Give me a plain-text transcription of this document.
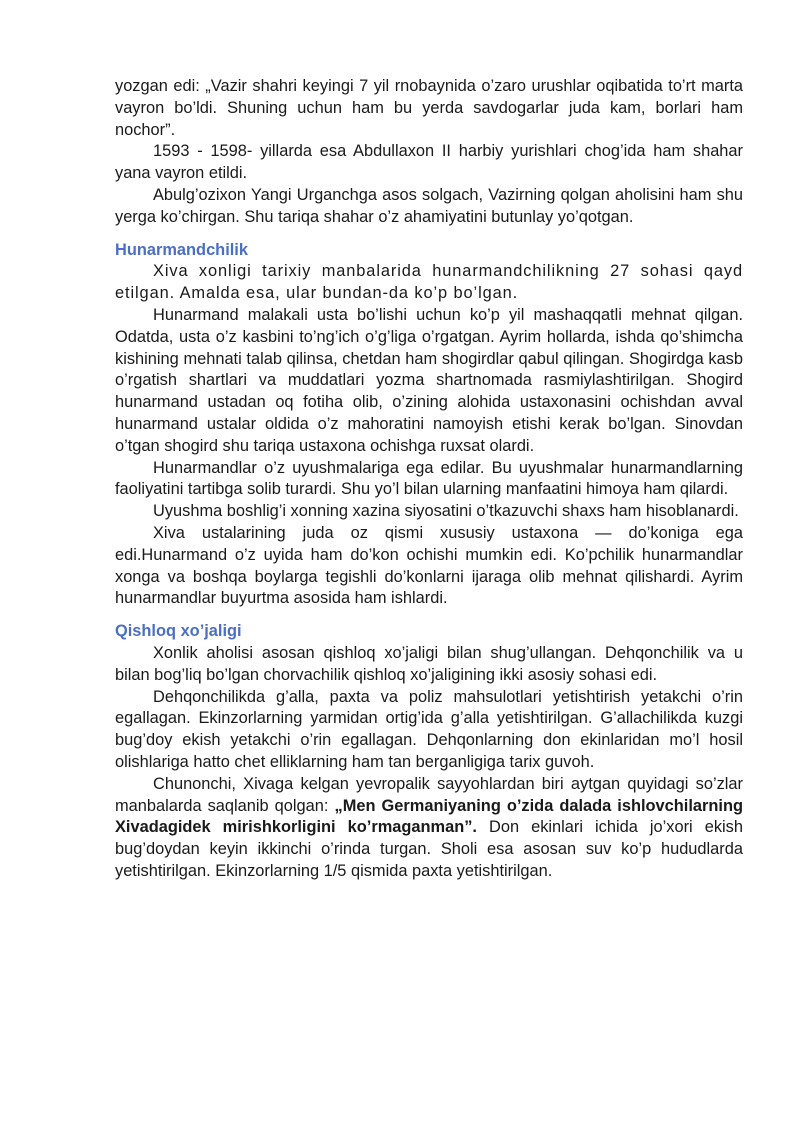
yozgan edi: „Vazir shahri keyingi 7 yil rnobaynida o’zaro urushlar oqibatida to’rt marta vayron bo’ldi. Shuning uchun ham bu yerda savdogarlar juda kam, borlari ham nochor”.

1593 - 1598- yillarda esa Abdullaxon II harbiy yurishlari chog’ida ham shahar yana vayron etildi.

Abulg’ozixon Yangi Urganchga asos solgach, Vazirning qolgan aholisini ham shu yerga ko’chirgan. Shu tariqa shahar o’z ahamiyatini butunlay yo’qotgan.

Hunarmandchilik

Xiva xonligi tarixiy manbalarida hunarmandchilikning 27 sohasi qayd etilgan. Amalda esa, ular bundan-da ko’p bo’lgan.

Hunarmand malakali usta bo’lishi uchun ko’p yil mashaqqatli mehnat qilgan. Odatda, usta o’z kasbini to’ng’ich o’g’liga o’rgatgan. Ayrim hollarda, ishda qo’shimcha kishining mehnati talab qilinsa, chetdan ham shogirdlar qabul qilingan. Shogirdga kasb o’rgatish shartlari va muddatlari yozma shartnomada rasmiylashtirilgan. Shogird hunarmand ustadan oq fotiha olib, o’zining alohida ustaxonasini ochishdan avval hunarmand ustalar oldida o’z mahoratini namoyish etishi kerak bo’lgan. Sinovdan o’tgan shogird shu tariqa ustaxona ochishga ruxsat olardi.

Hunarmandlar o’z uyushmalariga ega edilar. Bu uyushmalar hunarmandlarning faoliyatini tartibga solib turardi. Shu yo’l bilan ularning manfaatini himoya ham qilardi.

Uyushma boshlig’i xonning xazina siyosatini o’tkazuvchi shaxs ham hisoblanardi.

Xiva ustalarining juda oz qismi xususiy ustaxona — do’koniga ega edi.Hunarmand o’z uyida ham do’kon ochishi mumkin edi. Ko’pchilik hunarmandlar xonga va boshqa boylarga tegishli do’konlarni ijaraga olib mehnat qilishardi. Ayrim hunarmandlar buyurtma asosida ham ishlardi.

Qishloq xo’jaligi

Xonlik aholisi asosan qishloq xo’jaligi bilan shug’ullangan. Dehqonchilik va u bilan bog’liq bo’lgan chorvachilik qishloq xo’jaligining ikki asosiy sohasi edi.

Dehqonchilikda g’alla, paxta va poliz mahsulotlari yetishtirish yetakchi o’rin egallagan. Ekinzorlarning yarmidan ortig’ida g’alla yetishtirilgan. G’allachilikda kuzgi bug’doy ekish yetakchi o’rin egallagan. Dehqonlarning don ekinlaridan mo’l hosil olishlariga hatto chet elliklarning ham tan berganligiga tarix guvoh.

Chunonchi, Xivaga kelgan yevropalik sayyohlardan biri aytgan quyidagi so’zlar manbalarda saqlanib qolgan: „Men Germaniyaning o’zida dalada ishlovchilarning Xivadagidek mirishkorligini ko’rmaganman”. Don ekinlari ichida jo’xori ekish bug’doydan keyin ikkinchi o’rinda turgan. Sholi esa asosan suv ko’p hududlarda yetishtirilgan. Ekinzorlarning 1/5 qismida paxta yetishtirilgan.
